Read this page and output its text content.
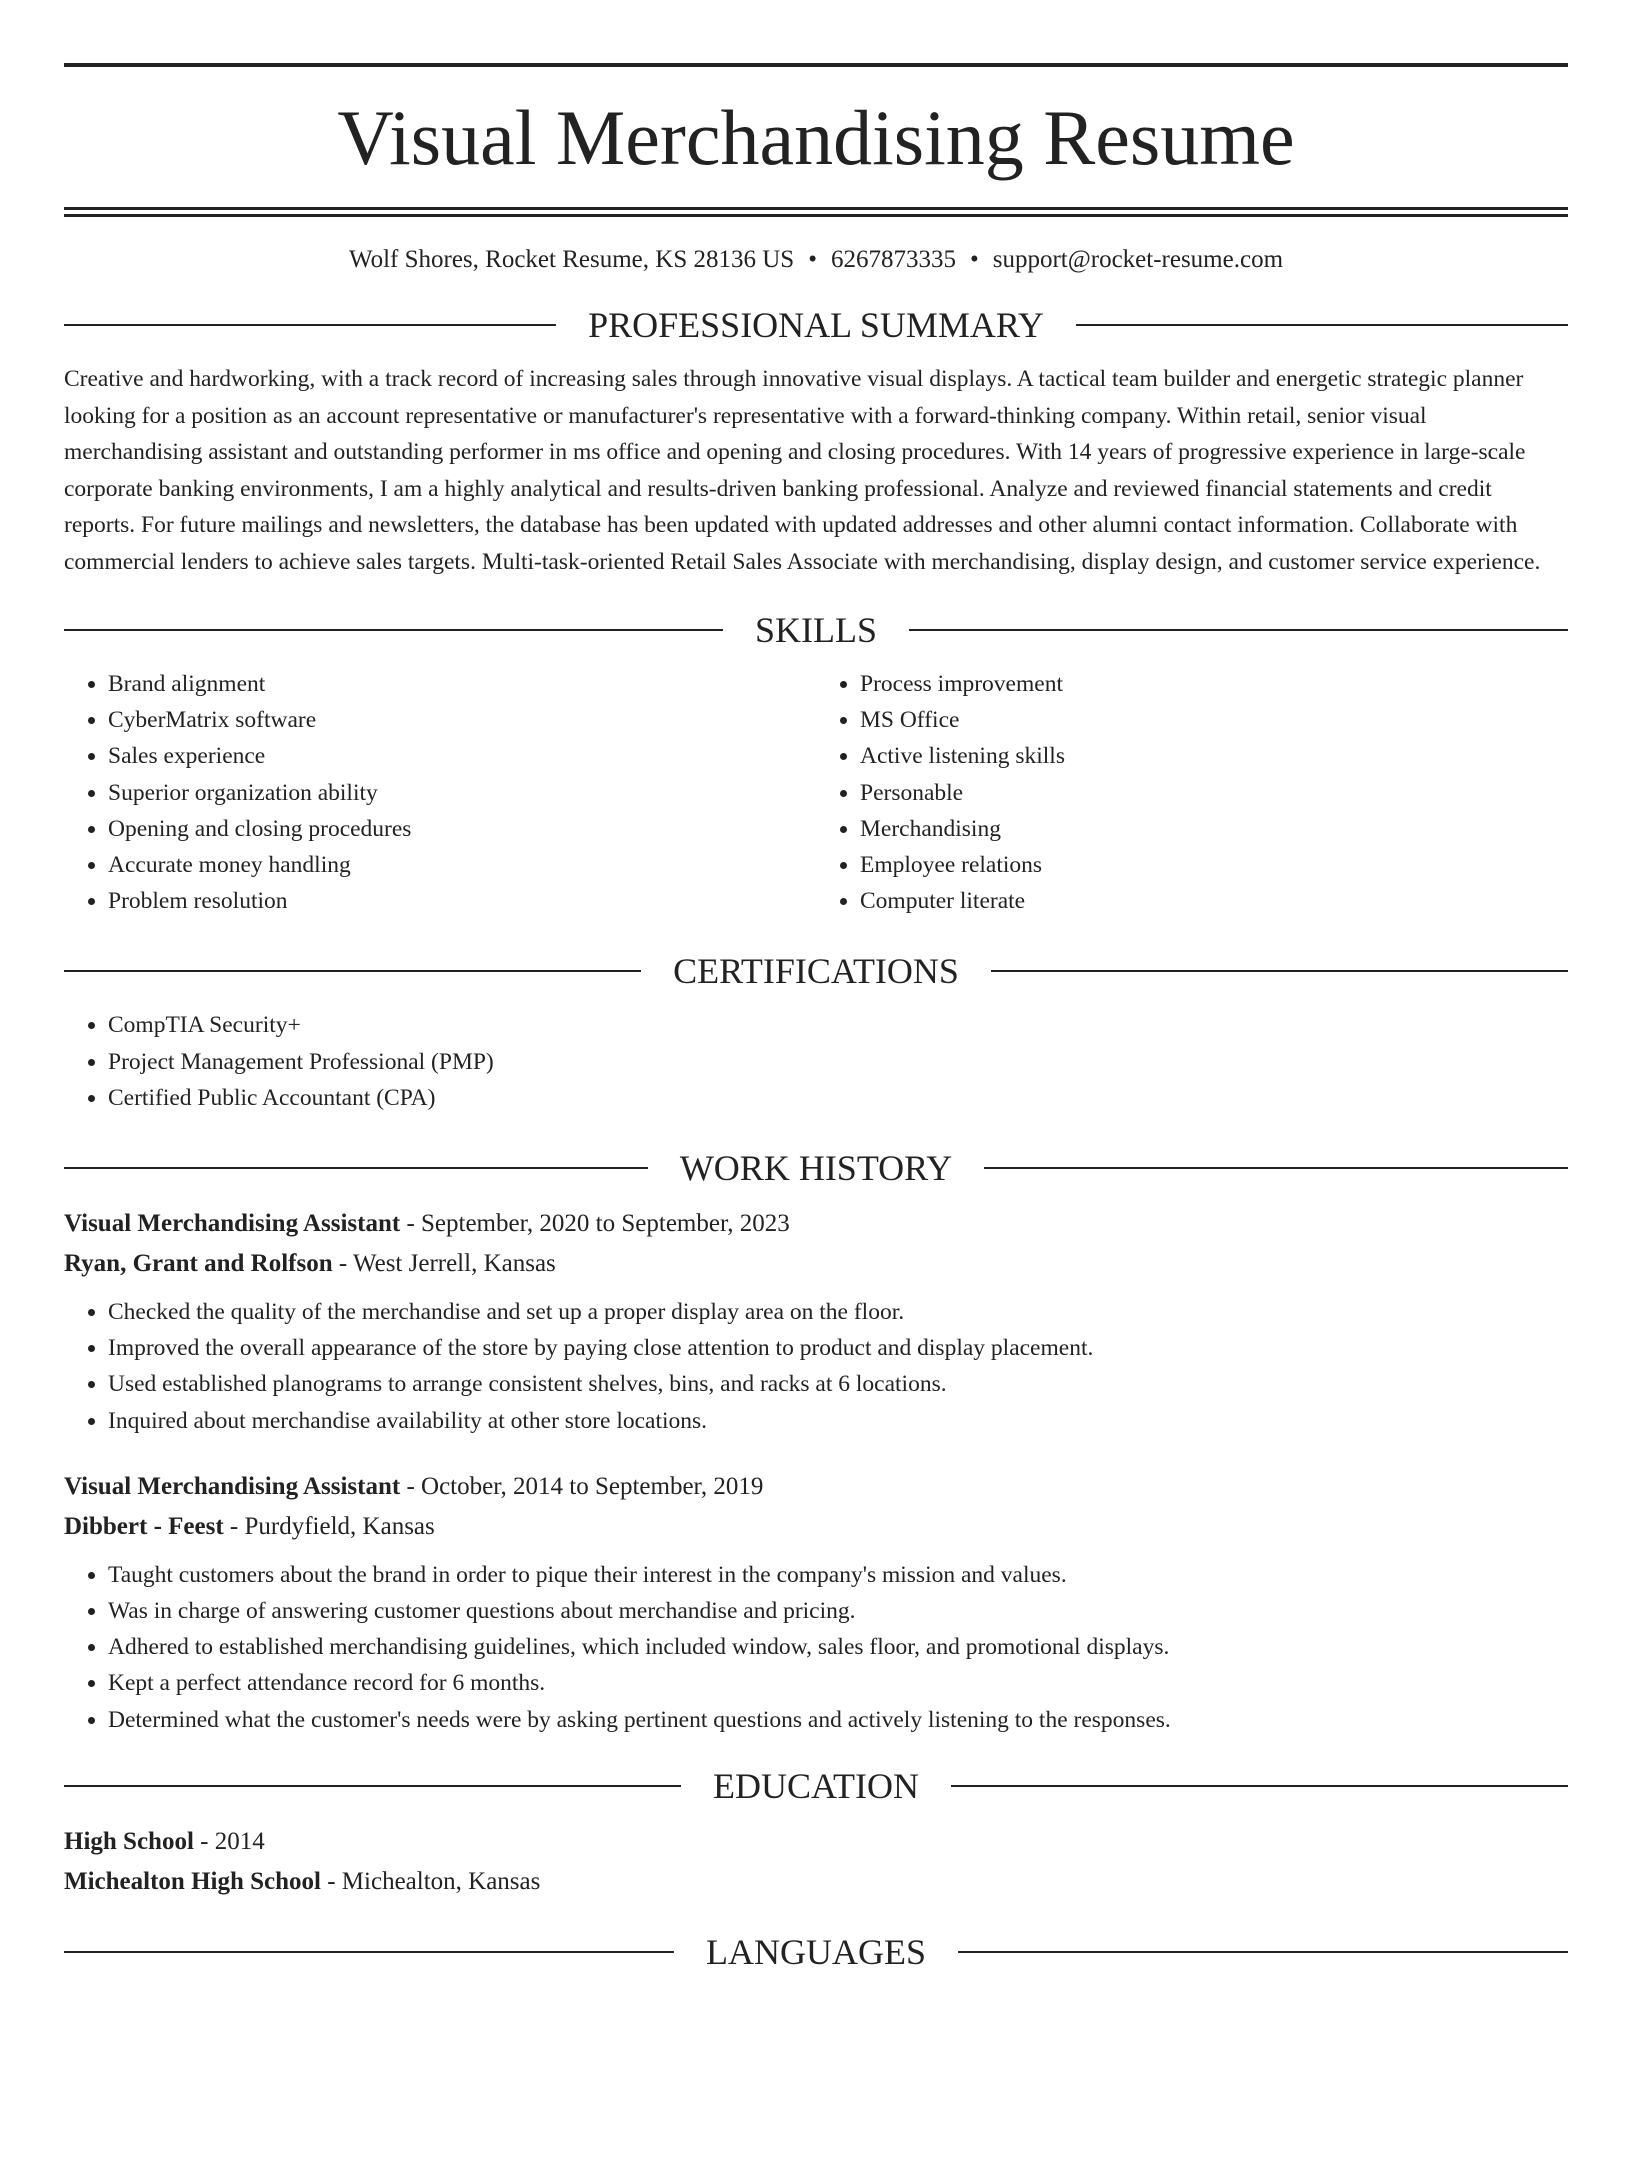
Visual Merchandising Resume
Wolf Shores, Rocket Resume, KS 28136 US • 6267873335 • support@rocket-resume.com
PROFESSIONAL SUMMARY

Creative and hardworking, with a track record of increasing sales through innovative visual displays. A tactical team builder and energetic strategic planner looking for a position as an account representative or manufacturer's representative with a forward-thinking company. Within retail, senior visual merchandising assistant and outstanding performer in ms office and opening and closing procedures. With 14 years of progressive experience in large-scale corporate banking environments, I am a highly analytical and results-driven banking professional. Analyze and reviewed financial statements and credit reports. For future mailings and newsletters, the database has been updated with updated addresses and other alumni contact information. Collaborate with commercial lenders to achieve sales targets. Multi-task-oriented Retail Sales Associate with merchandising, display design, and customer service experience.

SKILLS
• Brand alignment
• CyberMatrix software
• Sales experience
• Superior organization ability
• Opening and closing procedures
• Accurate money handling
• Problem resolution
• Process improvement
• MS Office
• Active listening skills
• Personable
• Merchandising
• Employee relations
• Computer literate
CERTIFICATIONS
• CompTIA Security+
• Project Management Professional (PMP)
• Certified Public Accountant (CPA)
WORK HISTORY
Visual Merchandising Assistant - September, 2020 to September, 2023
Ryan, Grant and Rolfson - West Jerrell, Kansas
• Checked the quality of the merchandise and set up a proper display area on the floor.
• Improved the overall appearance of the store by paying close attention to product and display placement.
• Used established planograms to arrange consistent shelves, bins, and racks at 6 locations.
• Inquired about merchandise availability at other store locations.
Visual Merchandising Assistant - October, 2014 to September, 2019
Dibbert - Feest - Purdyfield, Kansas
• Taught customers about the brand in order to pique their interest in the company's mission and values.
• Was in charge of answering customer questions about merchandise and pricing.
• Adhered to established merchandising guidelines, which included window, sales floor, and promotional displays.
• Kept a perfect attendance record for 6 months.
• Determined what the customer's needs were by asking pertinent questions and actively listening to the responses.
EDUCATION
High School - 2014
Michealton High School - Michealton, Kansas
LANGUAGES
